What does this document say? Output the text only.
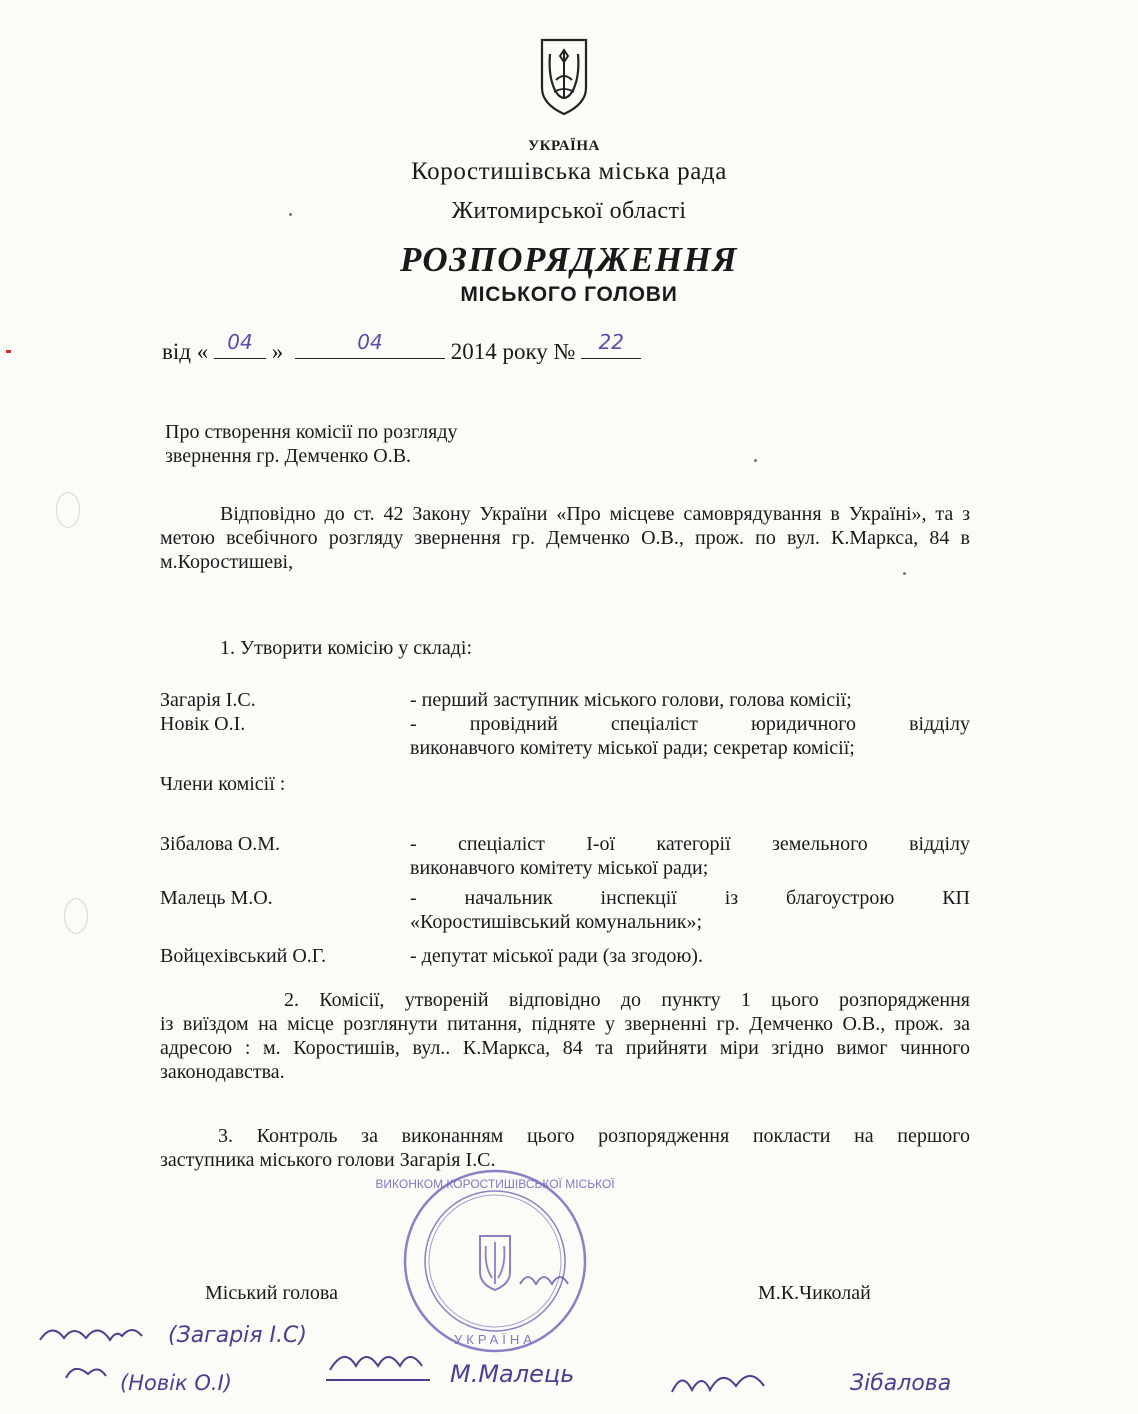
УКРАЇНА
Коростишівська міська рада
Житомирської області
РОЗПОРЯДЖЕННЯ
МІСЬКОГО ГОЛОВИ
від « 04 »	04	2014 року №	22
Про створення комісії по розгляду
звернення гр. Демченко О.В.
Відповідно до ст. 42 Закону України «Про місцеве самоврядування в Україні», та з метою всебічного розгляду звернення гр. Демченко О.В., прож. по вул. К.Маркса, 84 в м.Коростишеві,
1. Утворити комісію у складі:
Загарія І.С.	- перший заступник міського голови, голова комісії;
Новік О.І.	- провідний спеціаліст юридичного відділу
виконавчого комітету міської ради; секретар комісії;
Члени комісії :
Зібалова О.М.	- спеціаліст І-ої категорії земельного відділу
виконавчого комітету міської ради;
Малець М.О.	- начальник інспекції із благоустрою КП
«Коростишівський комунальник»;
Войцехівський О.Г.	- депутат міської ради (за згодою).
2. Комісії, утвореній відповідно до пункту 1 цього розпорядження
із виїздом на місце розглянути питання, підняте у зверненні гр. Демченко О.В., прож. за адресою : м. Коростишів, вул.. К.Маркса, 84 та прийняти міри згідно вимог чинного законодавства.
3. Контроль за виконанням цього розпорядження покласти на першого
заступника міського голови Загарія І.С.
ВИКОНКОМ КОРОСТИШІВСЬКОЇ МІСЬКОЇ
УКРАЇНА
Міський голова	М.К.Чиколай
(Загарія І.С)
(Новік О.І)	М.Малець	Зібалова
